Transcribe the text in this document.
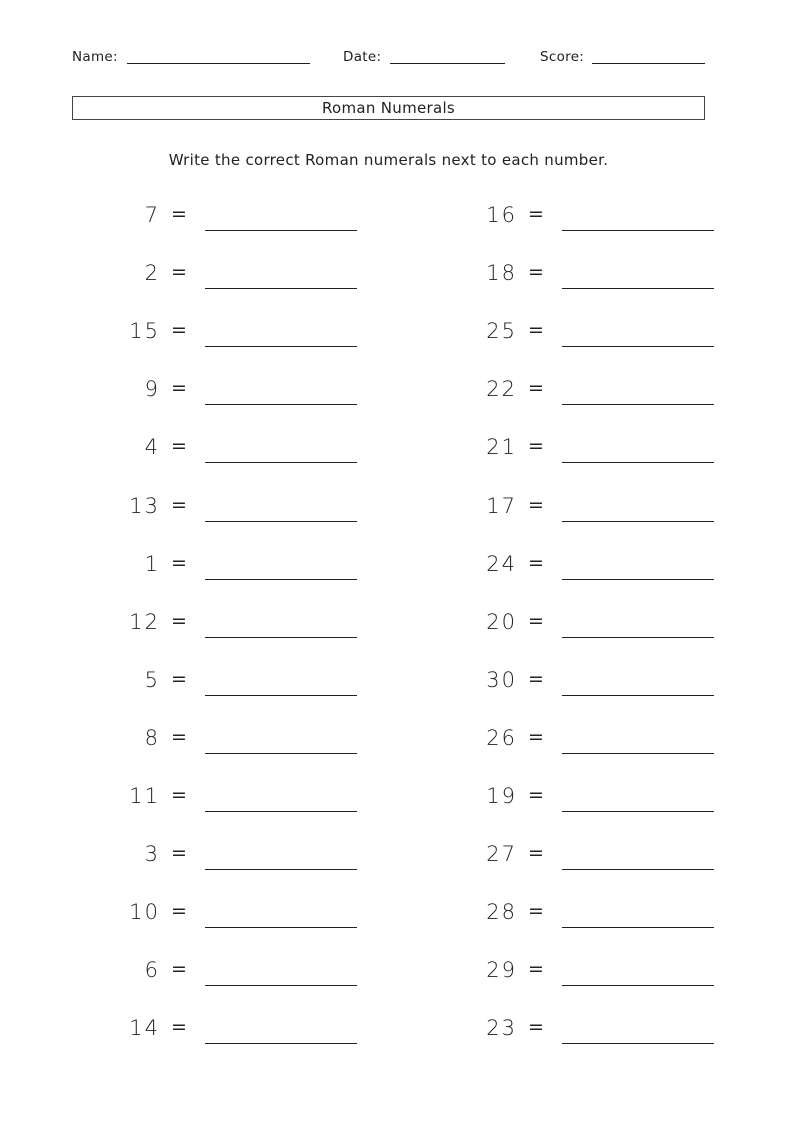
Name:	Date:	Score:
Roman Numerals
Write the correct Roman numerals next to each number.
7 =
2 =
15 =
9 =
4 =
13 =
1 =
12 =
5 =
8 =
11 =
3 =
10 =
6 =
14 =
16 =
18 =
25 =
22 =
21 =
17 =
24 =
20 =
30 =
26 =
19 =
27 =
28 =
29 =
23 =
